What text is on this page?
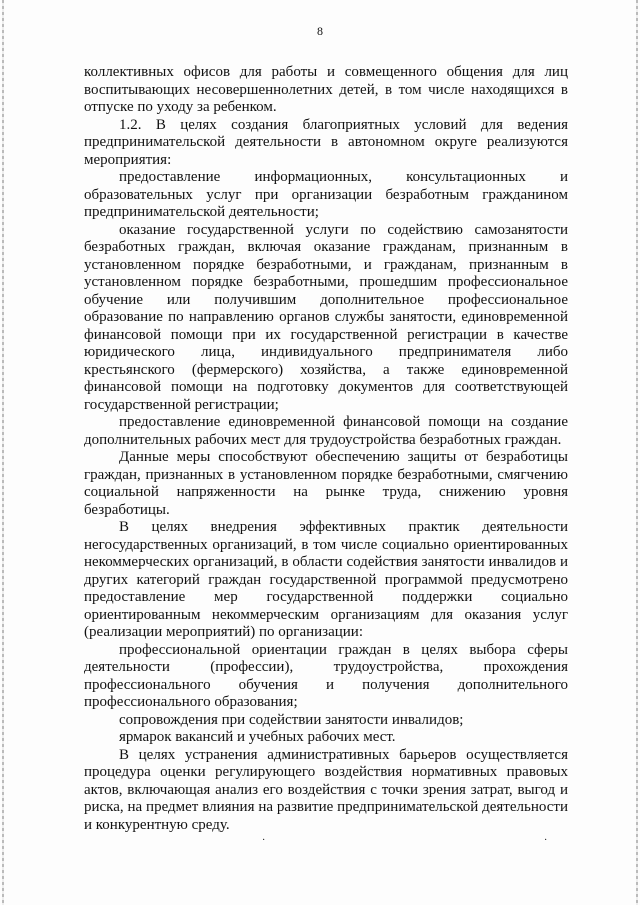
8

коллективных офисов для работы и совмещенного общения для лиц воспитывающих несовершеннолетних детей, в том числе находящихся в отпуске по уходу за ребенком.

1.2. В целях создания благоприятных условий для ведения предпринимательской деятельности в автономном округе реализуются мероприятия:

предоставление информационных, консультационных и образовательных услуг при организации безработным гражданином предпринимательской деятельности;

оказание государственной услуги по содействию самозанятости безработных граждан, включая оказание гражданам, признанным в установленном порядке безработными, и гражданам, признанным в установленном порядке безработными, прошедшим профессиональное обучение или получившим дополнительное профессиональное образование по направлению органов службы занятости, единовременной финансовой помощи при их государственной регистрации в качестве юридического лица, индивидуального предпринимателя либо крестьянского (фермерского) хозяйства, а также единовременной финансовой помощи на подготовку документов для соответствующей государственной регистрации;

предоставление единовременной финансовой помощи на создание дополнительных рабочих мест для трудоустройства безработных граждан.

Данные меры способствуют обеспечению защиты от безработицы граждан, признанных в установленном порядке безработными, смягчению социальной напряженности на рынке труда, снижению уровня безработицы.

В целях внедрения эффективных практик деятельности негосударственных организаций, в том числе социально ориентированных некоммерческих организаций, в области содействия занятости инвалидов и других категорий граждан государственной программой предусмотрено предоставление мер государственной поддержки социально ориентированным некоммерческим организациям для оказания услуг (реализации мероприятий) по организации:

профессиональной ориентации граждан в целях выбора сферы деятельности (профессии), трудоустройства, прохождения профессионального обучения и получения дополнительного профессионального образования;

сопровождения при содействии занятости инвалидов;

ярмарок вакансий и учебных рабочих мест.

В целях устранения административных барьеров осуществляется процедура оценки регулирующего воздействия нормативных правовых актов, включающая анализ его воздействия с точки зрения затрат, выгод и риска, на предмет влияния на развитие предпринимательской деятельности и конкурентную среду.

·	·
